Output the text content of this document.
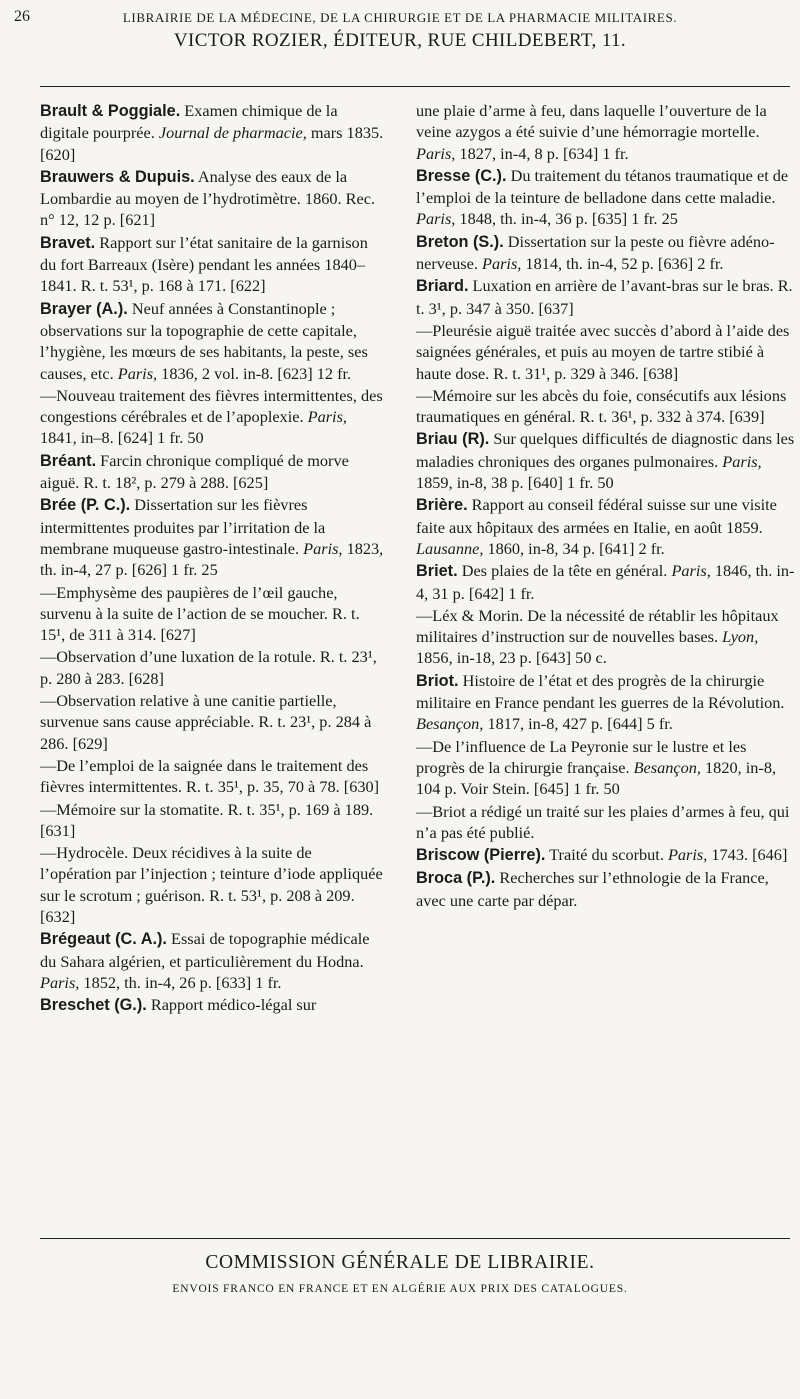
26	LIBRAIRIE DE LA MÉDECINE, DE LA CHIRURGIE ET DE LA PHARMACIE MILITAIRES.
VICTOR ROZIER, ÉDITEUR, RUE CHILDEBERT, 11.
Brault & Poggiale. Examen chimique de la digitale pourprée. Journal de pharmacie, mars 1835. [620]
Brauwers & Dupuis. Analyse des eaux de la Lombardie au moyen de l’hydrotimètre. 1860. Rec. n° 12, 12 p. [621]
Bravet. Rapport sur l’état sanitaire de la garnison du fort Barreaux (Isère) pendant les années 1840–1841. R. t. 53¹, p. 168 à 171. [622]
Brayer (A.). Neuf années à Constantinople ; observations sur la topographie de cette capitale, l’hygiène, les mœurs de ses habitants, la peste, ses causes, etc. Paris, 1836, 2 vol. in-8. [623] 12 fr.
—Nouveau traitement des fièvres intermittentes, des congestions cérébrales et de l’apoplexie. Paris, 1841, in–8. [624] 1 fr. 50
Bréant. Farcin chronique compliqué de morve aiguë. R. t. 18², p. 279 à 288. [625]
Brée (P. C.). Dissertation sur les fièvres intermittentes produites par l’irritation de la membrane muqueuse gastro-intestinale. Paris, 1823, th. in-4, 27 p. [626] 1 fr. 25
—Emphysème des paupières de l’œil gauche, survenu à la suite de l’action de se moucher. R. t. 15¹, de 311 à 314. [627]
—Observation d’une luxation de la rotule. R. t. 23¹, p. 280 à 283. [628]
—Observation relative à une canitie partielle, survenue sans cause appréciable. R. t. 23¹, p. 284 à 286. [629]
—De l’emploi de la saignée dans le traitement des fièvres intermittentes. R. t. 35¹, p. 35, 70 à 78. [630]
—Mémoire sur la stomatite. R. t. 35¹, p. 169 à 189. [631]
—Hydrocèle. Deux récidives à la suite de l’opération par l’injection ; teinture d’iode appliquée sur le scrotum ; guérison. R. t. 53¹, p. 208 à 209. [632]
Brégeaut (C. A.). Essai de topographie médicale du Sahara algérien, et particulièrement du Hodna. Paris, 1852, th. in-4, 26 p. [633] 1 fr.
Breschet (G.). Rapport médico-légal sur
une plaie d’arme à feu, dans laquelle l’ouverture de la veine azygos a été suivie d’une hémorragie mortelle. Paris, 1827, in-4, 8 p. [634] 1 fr.
Bresse (C.). Du traitement du tétanos traumatique et de l’emploi de la teinture de belladone dans cette maladie. Paris, 1848, th. in-4, 36 p. [635] 1 fr. 25
Breton (S.). Dissertation sur la peste ou fièvre adéno-nerveuse. Paris, 1814, th. in-4, 52 p. [636] 2 fr.
Briard. Luxation en arrière de l’avant-bras sur le bras. R. t. 3¹, p. 347 à 350. [637]
—Pleurésie aiguë traitée avec succès d’abord à l’aide des saignées générales, et puis au moyen de tartre stibié à haute dose. R. t. 31¹, p. 329 à 346. [638]
—Mémoire sur les abcès du foie, consécutifs aux lésions traumatiques en général. R. t. 36¹, p. 332 à 374. [639]
Briau (R). Sur quelques difficultés de diagnostic dans les maladies chroniques des organes pulmonaires. Paris, 1859, in-8, 38 p. [640] 1 fr. 50
Brière. Rapport au conseil fédéral suisse sur une visite faite aux hôpitaux des armées en Italie, en août 1859. Lausanne, 1860, in-8, 34 p. [641] 2 fr.
Briet. Des plaies de la tête en général. Paris, 1846, th. in-4, 31 p. [642] 1 fr.
—Léx & Morin. De la nécessité de rétablir les hôpitaux militaires d’instruction sur de nouvelles bases. Lyon, 1856, in-18, 23 p. [643] 50 c.
Briot. Histoire de l’état et des progrès de la chirurgie militaire en France pendant les guerres de la Révolution. Besançon, 1817, in-8, 427 p. [644] 5 fr.
—De l’influence de La Peyronie sur le lustre et les progrès de la chirurgie française. Besançon, 1820, in-8, 104 p. Voir Stein. [645] 1 fr. 50
—Briot a rédigé un traité sur les plaies d’armes à feu, qui n’a pas été publié.
Briscow (Pierre). Traité du scorbut. Paris, 1743. [646]
Broca (P.). Recherches sur l’ethnologie de la France, avec une carte par dépar.
COMMISSION GÉNÉRALE DE LIBRAIRIE.
ENVOIS FRANCO EN FRANCE ET EN ALGÉRIE AUX PRIX DES CATALOGUES.
